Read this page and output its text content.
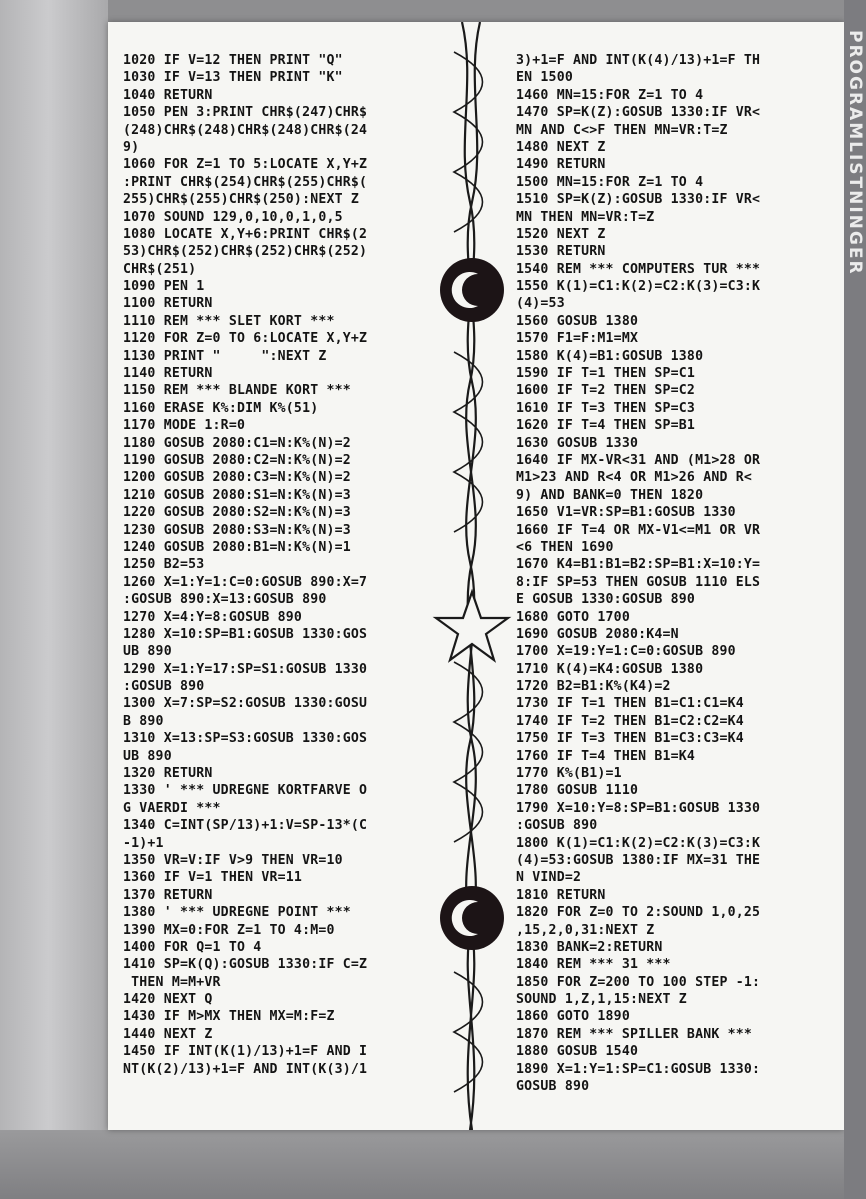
PROGRAMLISTNINGER
1020 IF V=12 THEN PRINT "Q"
1030 IF V=13 THEN PRINT "K"
1040 RETURN
1050 PEN 3:PRINT CHR$(247)CHR$
(248)CHR$(248)CHR$(248)CHR$(24
9)
1060 FOR Z=1 TO 5:LOCATE X,Y+Z
:PRINT CHR$(254)CHR$(255)CHR$(
255)CHR$(255)CHR$(250):NEXT Z
1070 SOUND 129,0,10,0,1,0,5
1080 LOCATE X,Y+6:PRINT CHR$(2
53)CHR$(252)CHR$(252)CHR$(252)
CHR$(251)
1090 PEN 1
1100 RETURN
1110 REM *** SLET KORT ***
1120 FOR Z=0 TO 6:LOCATE X,Y+Z
1130 PRINT "     ":NEXT Z
1140 RETURN
1150 REM *** BLANDE KORT ***
1160 ERASE K%:DIM K%(51)
1170 MODE 1:R=0
1180 GOSUB 2080:C1=N:K%(N)=2
1190 GOSUB 2080:C2=N:K%(N)=2
1200 GOSUB 2080:C3=N:K%(N)=2
1210 GOSUB 2080:S1=N:K%(N)=3
1220 GOSUB 2080:S2=N:K%(N)=3
1230 GOSUB 2080:S3=N:K%(N)=3
1240 GOSUB 2080:B1=N:K%(N)=1
1250 B2=53
1260 X=1:Y=1:C=0:GOSUB 890:X=7
:GOSUB 890:X=13:GOSUB 890
1270 X=4:Y=8:GOSUB 890
1280 X=10:SP=B1:GOSUB 1330:GOS
UB 890
1290 X=1:Y=17:SP=S1:GOSUB 1330
:GOSUB 890
1300 X=7:SP=S2:GOSUB 1330:GOSU
B 890
1310 X=13:SP=S3:GOSUB 1330:GOS
UB 890
1320 RETURN
1330 ' *** UDREGNE KORTFARVE O
G VAERDI ***
1340 C=INT(SP/13)+1:V=SP-13*(C
-1)+1
1350 VR=V:IF V>9 THEN VR=10
1360 IF V=1 THEN VR=11
1370 RETURN
1380 ' *** UDREGNE POINT ***
1390 MX=0:FOR Z=1 TO 4:M=0
1400 FOR Q=1 TO 4
1410 SP=K(Q):GOSUB 1330:IF C=Z
THEN M=M+VR
1420 NEXT Q
1430 IF M>MX THEN MX=M:F=Z
1440 NEXT Z
1450 IF INT(K(1)/13)+1=F AND I
NT(K(2)/13)+1=F AND INT(K(3)/1
3)+1=F AND INT(K(4)/13)+1=F TH
EN 1500
1460 MN=15:FOR Z=1 TO 4
1470 SP=K(Z):GOSUB 1330:IF VR<
MN AND C<>F THEN MN=VR:T=Z
1480 NEXT Z
1490 RETURN
1500 MN=15:FOR Z=1 TO 4
1510 SP=K(Z):GOSUB 1330:IF VR<
MN THEN MN=VR:T=Z
1520 NEXT Z
1530 RETURN
1540 REM *** COMPUTERS TUR ***
1550 K(1)=C1:K(2)=C2:K(3)=C3:K
(4)=53
1560 GOSUB 1380
1570 F1=F:M1=MX
1580 K(4)=B1:GOSUB 1380
1590 IF T=1 THEN SP=C1
1600 IF T=2 THEN SP=C2
1610 IF T=3 THEN SP=C3
1620 IF T=4 THEN SP=B1
1630 GOSUB 1330
1640 IF MX-VR<31 AND (M1>28 OR
M1>23 AND R<4 OR M1>26 AND R<
9) AND BANK=0 THEN 1820
1650 V1=VR:SP=B1:GOSUB 1330
1660 IF T=4 OR MX-V1<=M1 OR VR
<6 THEN 1690
1670 K4=B1:B1=B2:SP=B1:X=10:Y=
8:IF SP=53 THEN GOSUB 1110 ELS
E GOSUB 1330:GOSUB 890
1680 GOTO 1700
1690 GOSUB 2080:K4=N
1700 X=19:Y=1:C=0:GOSUB 890
1710 K(4)=K4:GOSUB 1380
1720 B2=B1:K%(K4)=2
1730 IF T=1 THEN B1=C1:C1=K4
1740 IF T=2 THEN B1=C2:C2=K4
1750 IF T=3 THEN B1=C3:C3=K4
1760 IF T=4 THEN B1=K4
1770 K%(B1)=1
1780 GOSUB 1110
1790 X=10:Y=8:SP=B1:GOSUB 1330
:GOSUB 890
1800 K(1)=C1:K(2)=C2:K(3)=C3:K
(4)=53:GOSUB 1380:IF MX=31 THE
N VIND=2
1810 RETURN
1820 FOR Z=0 TO 2:SOUND 1,0,25
,15,2,0,31:NEXT Z
1830 BANK=2:RETURN
1840 REM *** 31 ***
1850 FOR Z=200 TO 100 STEP -1:
SOUND 1,Z,1,15:NEXT Z
1860 GOTO 1890
1870 REM *** SPILLER BANK ***
1880 GOSUB 1540
1890 X=1:Y=1:SP=C1:GOSUB 1330:
GOSUB 890
